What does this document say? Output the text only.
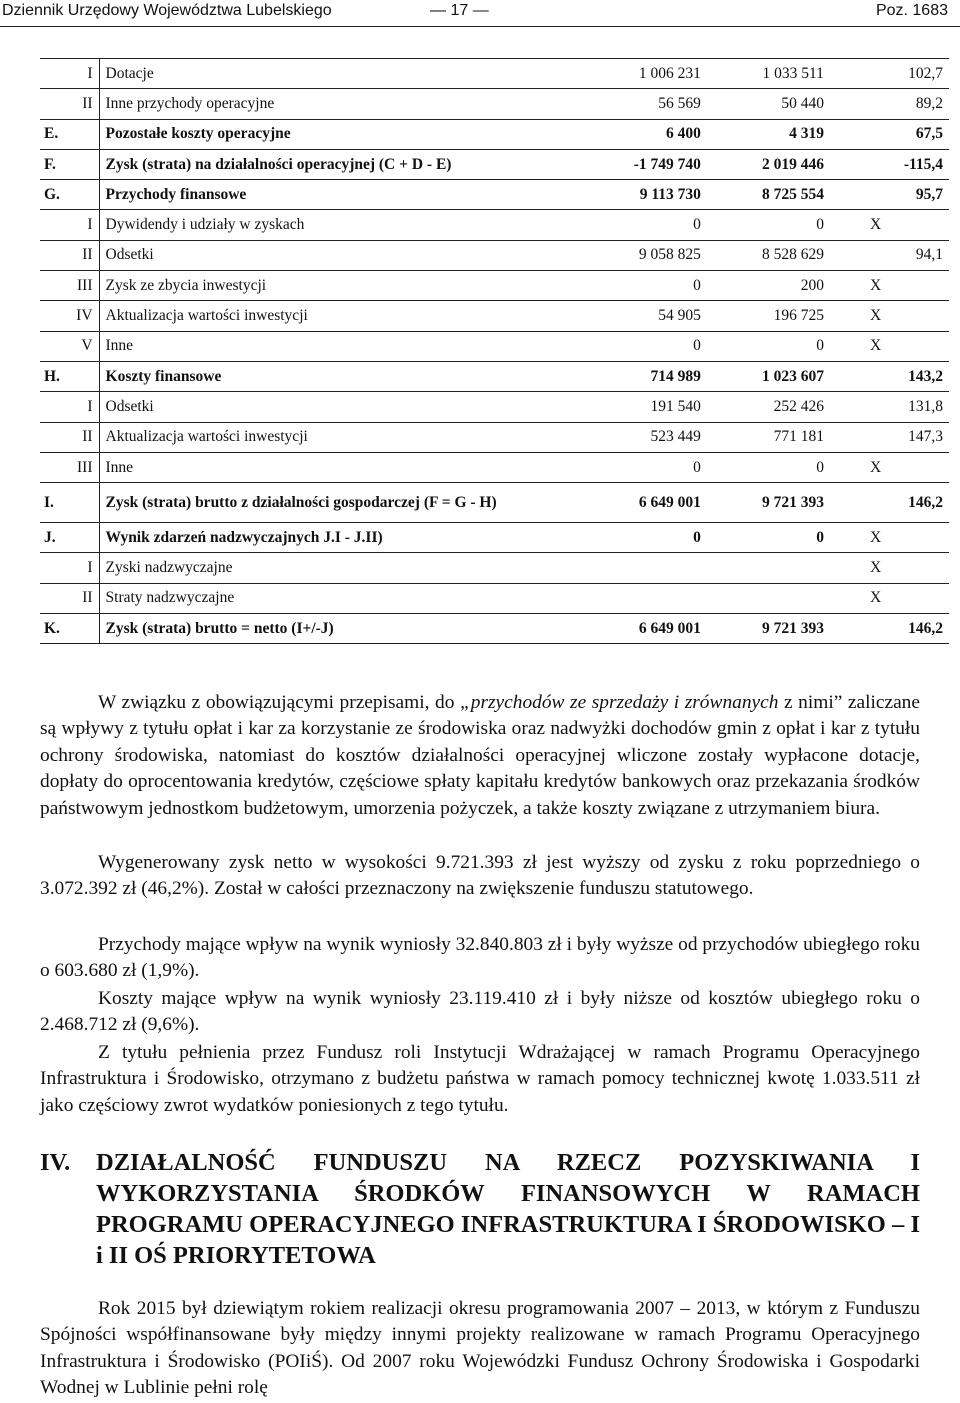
Dziennik Urzędowy Województwa Lubelskiego	— 17 —	Poz. 1683
I	Dotacje	1 006 231	1 033 511	102,7
II	Inne przychody operacyjne	56 569	50 440	89,2
E.	Pozostałe koszty operacyjne	6 400	4 319	67,5
F.	Zysk (strata) na działalności operacyjnej (C + D - E)	-1 749 740	2 019 446	-115,4
G.	Przychody finansowe	9 113 730	8 725 554	95,7
I	Dywidendy i udziały w zyskach	0	0	X
II	Odsetki	9 058 825	8 528 629	94,1
III	Zysk ze zbycia inwestycji	0	200	X
IV	Aktualizacja wartości inwestycji	54 905	196 725	X
V	Inne	0	0	X
H.	Koszty finansowe	714 989	1 023 607	143,2
I	Odsetki	191 540	252 426	131,8
II	Aktualizacja wartości inwestycji	523 449	771 181	147,3
III	Inne	0	0	X
I.	Zysk (strata) brutto z działalności gospodarczej (F = G - H)	6 649 001	9 721 393	146,2
J.	Wynik zdarzeń nadzwyczajnych J.I - J.II)	0	0	X
I	Zyski nadzwyczajne			X
II	Straty nadzwyczajne			X
K.	Zysk (strata) brutto = netto (I+/-J)	6 649 001	9 721 393	146,2

W związku z obowiązującymi przepisami, do „przychodów ze sprzedaży i zrównanych z nimi” zaliczane są wpływy z tytułu opłat i kar za korzystanie ze środowiska oraz nadwyżki dochodów gmin z opłat i kar z tytułu ochrony środowiska, natomiast do kosztów działalności operacyjnej wliczone zostały wypłacone dotacje, dopłaty do oprocentowania kredytów, częściowe spłaty kapitału kredytów bankowych oraz przekazania środków państwowym jednostkom budżetowym, umorzenia pożyczek, a także koszty związane z utrzymaniem biura.

Wygenerowany zysk netto w wysokości 9.721.393 zł jest wyższy od zysku z roku poprzedniego o 3.072.392 zł (46,2%). Został w całości przeznaczony na zwiększenie funduszu statutowego.

Przychody mające wpływ na wynik wyniosły 32.840.803 zł i były wyższe od przychodów ubiegłego roku o 603.680 zł (1,9%).

Koszty mające wpływ na wynik wyniosły 23.119.410 zł i były niższe od kosztów ubiegłego roku o 2.468.712 zł (9,6%).

Z tytułu pełnienia przez Fundusz roli Instytucji Wdrażającej w ramach Programu Operacyjnego Infrastruktura i Środowisko, otrzymano z budżetu państwa w ramach pomocy technicznej kwotę 1.033.511 zł jako częściowy zwrot wydatków poniesionych z tego tytułu.

IV. DZIAŁALNOŚĆ FUNDUSZU NA RZECZ POZYSKIWANIA I WYKORZYSTANIA ŚRODKÓW FINANSOWYCH W RAMACH PROGRAMU OPERACYJNEGO INFRASTRUKTURA I ŚRODOWISKO – I i II OŚ PRIORYTETOWA

Rok 2015 był dziewiątym rokiem realizacji okresu programowania 2007 – 2013, w którym z Funduszu Spójności współfinansowane były między innymi projekty realizowane w ramach Programu Operacyjnego Infrastruktura i Środowisko (POIiŚ). Od 2007 roku Wojewódzki Fundusz Ochrony Środowiska i Gospodarki Wodnej w Lublinie pełni rolę
